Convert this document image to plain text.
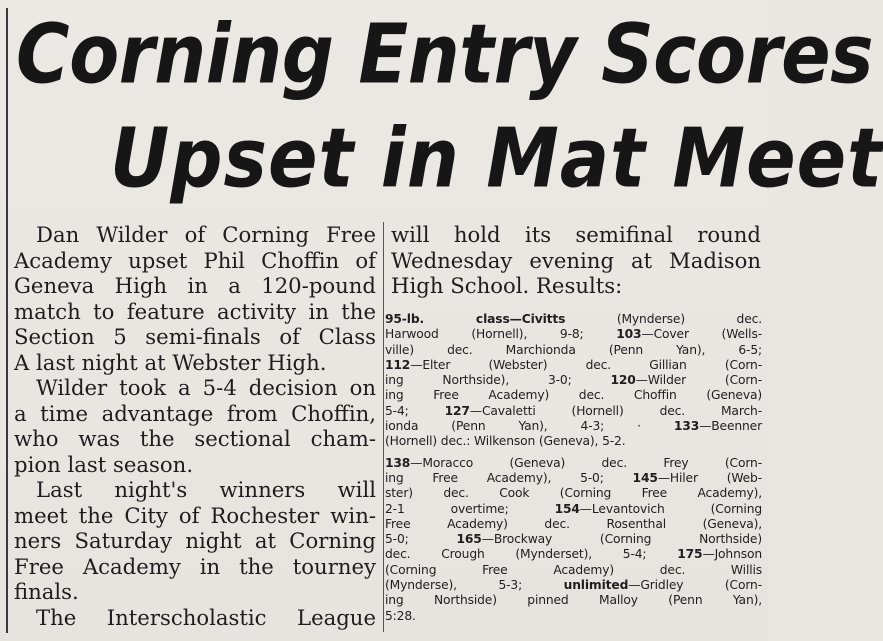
Corning Entry Scores
Upset in Mat Meet

Dan Wilder of Corning Free
Academy upset Phil Choffin of
Geneva High in a 120-pound
match to feature activity in the
Section 5 semi-finals of Class
A last night at Webster High.

Wilder took a 5-4 decision on
a time advantage from Choffin,
who was the sectional cham-
pion last season.

Last night's winners will
meet the City of Rochester win-
ners Saturday night at Corning
Free Academy in the tourney
finals.

The Interscholastic League

will hold its semifinal round
Wednesday evening at Madison
High School. Results:

95-lb. class—Civitts (Mynderse) dec.
Harwood (Hornell), 9-8; 103—Cover (Wells-
ville) dec. Marchionda (Penn Yan), 6-5;
112—Elter (Webster) dec. Gillian (Corn-
ing Northside), 3-0; 120—Wilder (Corn-
ing Free Academy) dec. Choffin (Geneva)
5-4; 127—Cavaletti (Hornell) dec. March-
ionda (Penn Yan), 4-3; · 133—Beenner
(Hornell) dec.: Wilkenson (Geneva), 5-2.
138—Moracco (Geneva) dec. Frey (Corn-
ing Free Academy), 5-0; 145—Hiler (Web-
ster) dec. Cook (Corning Free Academy),
2-1 overtime; 154—Levantovich (Corning
Free Academy) dec. Rosenthal (Geneva),
5-0; 165—Brockway (Corning Northside)
dec. Crough (Mynderset), 5-4; 175—Johnson
(Corning Free Academy) dec. Willis
(Mynderse), 5-3; unlimited—Gridley (Corn-
ing Northside) pinned Malloy (Penn Yan),
5:28.
